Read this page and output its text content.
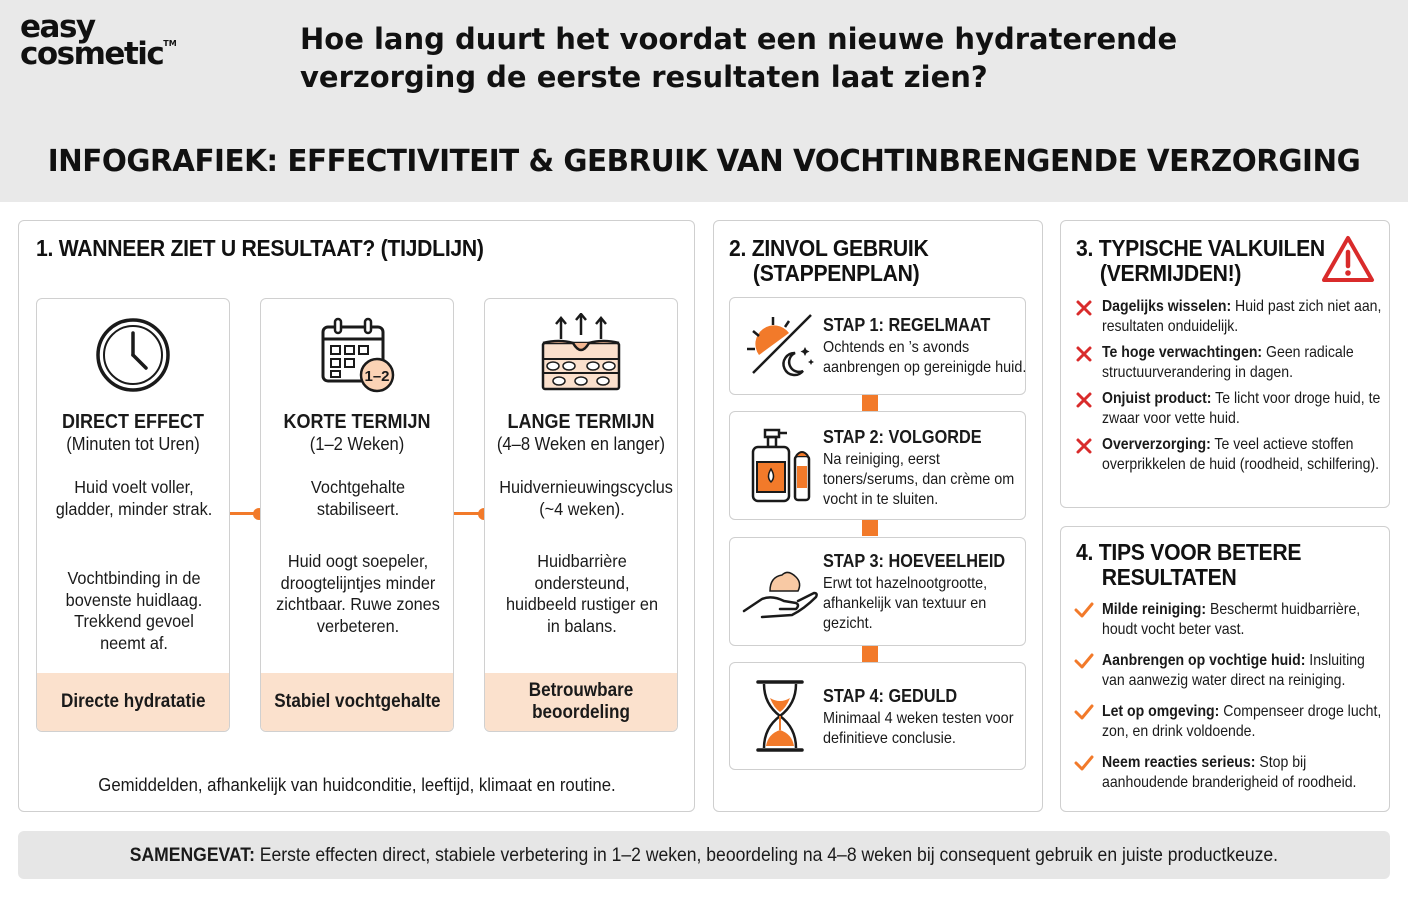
easy
cosmetic™	Hoe lang duurt het voordat een nieuwe hydraterende verzorging de eerste resultaten laat zien?
INFOGRAFIEK: EFFECTIVITEIT & GEBRUIK VAN VOCHTINBRENGENDE VERZORGING
1. WANNEER ZIET U RESULTAAT? (TIJDLIJN)
DIRECT EFFECT
(Minuten tot Uren)
Huid voelt voller, gladder, minder strak.
Vochtbinding in de bovenste huidlaag. Trekkend gevoel neemt af.
Directe hydratatie
1–2
KORTE TERMIJN
(1–2 Weken)
Vochtgehalte stabiliseert.
Huid oogt soepeler, droogtelijntjes minder zichtbaar. Ruwe zones verbeteren.
Stabiel vochtgehalte
LANGE TERMIJN
(4–8 Weken en langer)
Huidvernieuwingscyclus (~4 weken).
Huidbarrière ondersteund, huidbeeld rustiger en in balans.
Betrouwbare beoordeling
Gemiddelden, afhankelijk van huidconditie, leeftijd, klimaat en routine.
2. ZINVOL GEBRUIK
(STAPPENPLAN)
STAP 1: REGELMAAT
Ochtends en ’s avonds aanbrengen op gereinigde huid.
STAP 2: VOLGORDE
Na reiniging, eerst toners/serums, dan crème om vocht in te sluiten.
STAP 3: HOEVEELHEID
Erwt tot hazelnootgrootte, afhankelijk van textuur en gezicht.
STAP 4: GEDULD
Minimaal 4 weken testen voor definitieve conclusie.
3. TYPISCHE VALKUILEN
(VERMIJDEN!)
Dagelijks wisselen: Huid past zich niet aan, resultaten onduidelijk.
Te hoge verwachtingen: Geen radicale structuurverandering in dagen.
Onjuist product: Te licht voor droge huid, te zwaar voor vette huid.
Oververzorging: Te veel actieve stoffen overprikkelen de huid (roodheid, schilfering).
4. TIPS VOOR BETERE
RESULTATEN
Milde reiniging: Beschermt huidbarrière, houdt vocht beter vast.
Aanbrengen op vochtige huid: Insluiting van aanwezig water direct na reiniging.
Let op omgeving: Compenseer droge lucht, zon, en drink voldoende.
Neem reacties serieus: Stop bij aanhoudende branderigheid of roodheid.
SAMENGEVAT: Eerste effecten direct, stabiele verbetering in 1–2 weken, beoordeling na 4–8 weken bij consequent gebruik en juiste productkeuze.
